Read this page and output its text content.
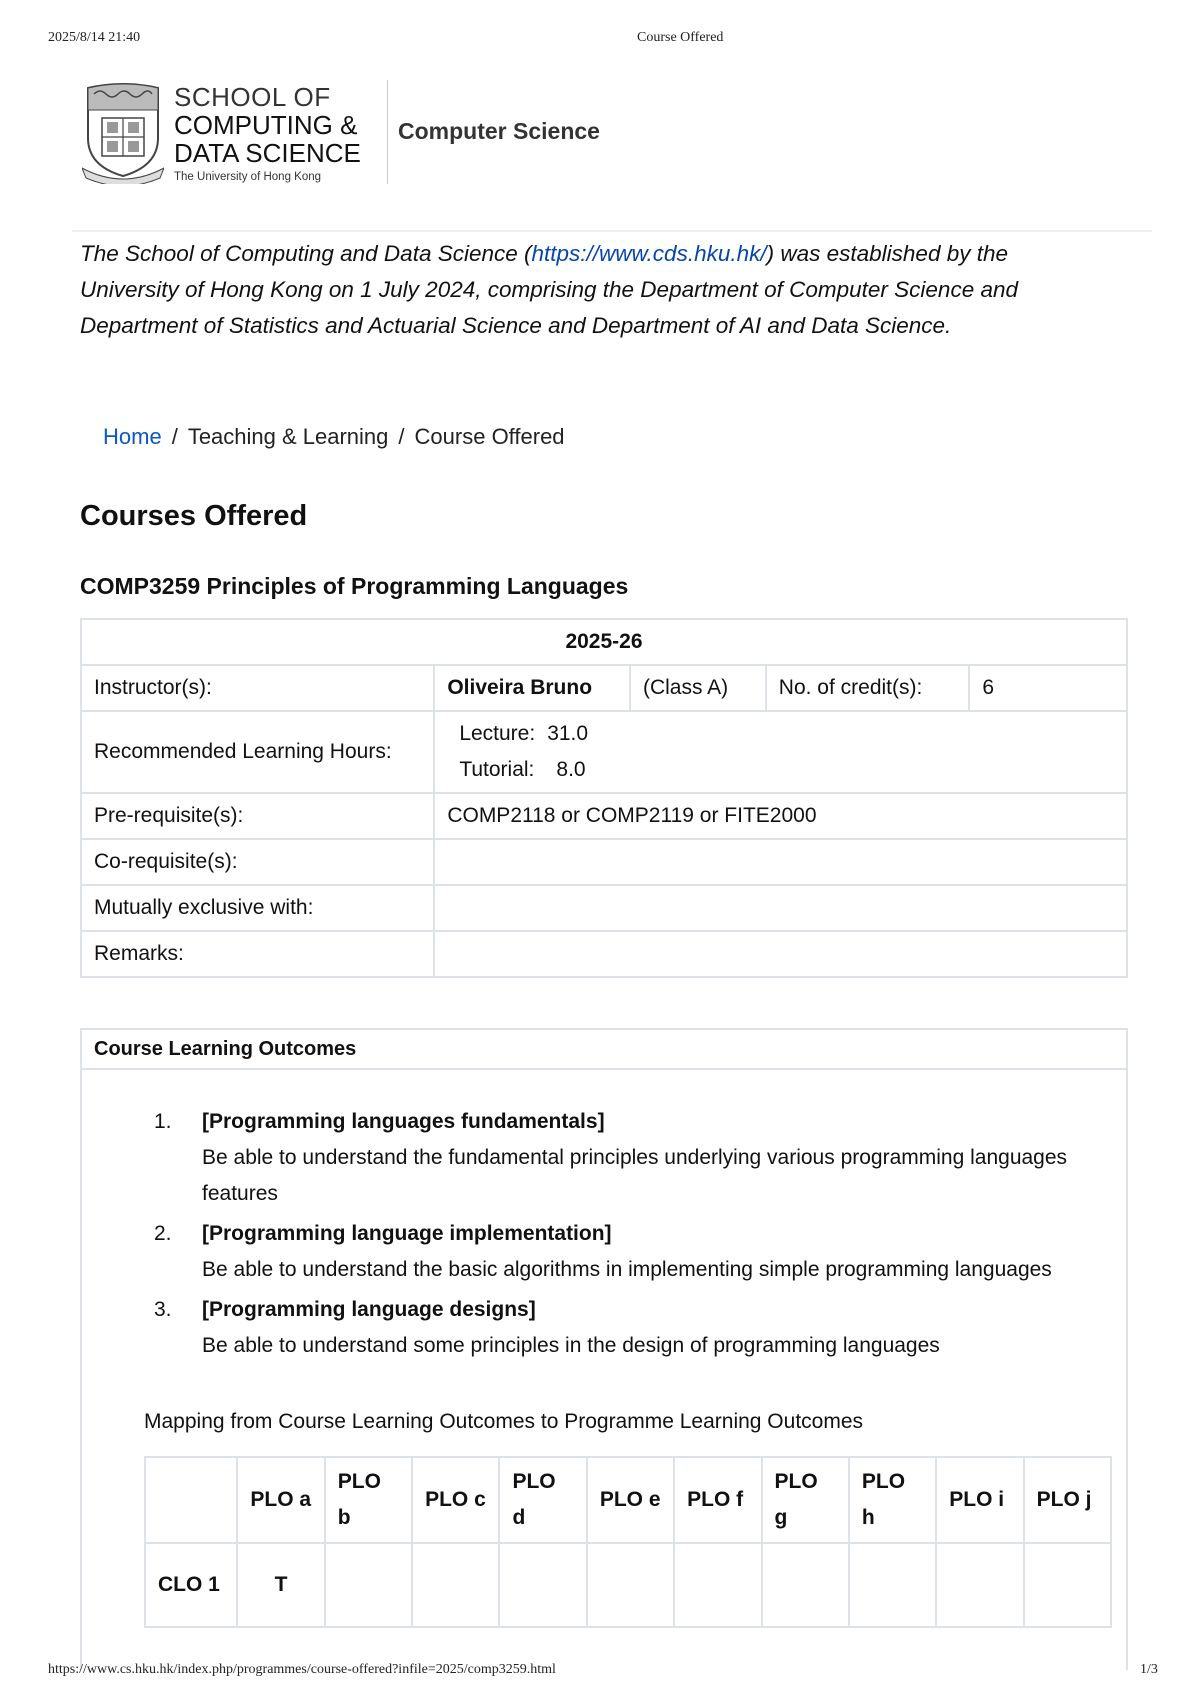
2025/8/14 21:40	Course Offered
SCHOOL OF
COMPUTING &
DATA SCIENCE
The University of Hong Kong
Computer Science
The School of Computing and Data Science (https://www.cds.hku.hk/) was established by the University of Hong Kong on 1 July 2024, comprising the Department of Computer Science and Department of Statistics and Actuarial Science and Department of AI and Data Science.
Home / Teaching & Learning / Course Offered
Courses Offered
COMP3259 Principles of Programming Languages
2025-26				
Instructor(s):	Oliveira Bruno	(Class A)	No. of credit(s):	6
Recommended Learning Hours:	Lecture: 31.0
Tutorial: 8.0			

Pre-requisite(s):	COMP2118 or COMP2119 or FITE2000			
Co-requisite(s):				
Mutually exclusive with:				
Remarks:				
Course Learning Outcomes
1. [Programming languages fundamentals]
Be able to understand the fundamental principles underlying various programming languages features
2. [Programming language implementation]
Be able to understand the basic algorithms in implementing simple programming languages
3. [Programming language designs]
Be able to understand some principles in the design of programming languages
Mapping from Course Learning Outcomes to Programme Learning Outcomes
	PLO a	PLO b	PLO c	PLO d	PLO e	PLO f	PLO g	PLO h	PLO i	PLO j
CLO 1	T									
https://www.cs.hku.hk/index.php/programmes/course-offered?infile=2025/comp3259.html	1/3
